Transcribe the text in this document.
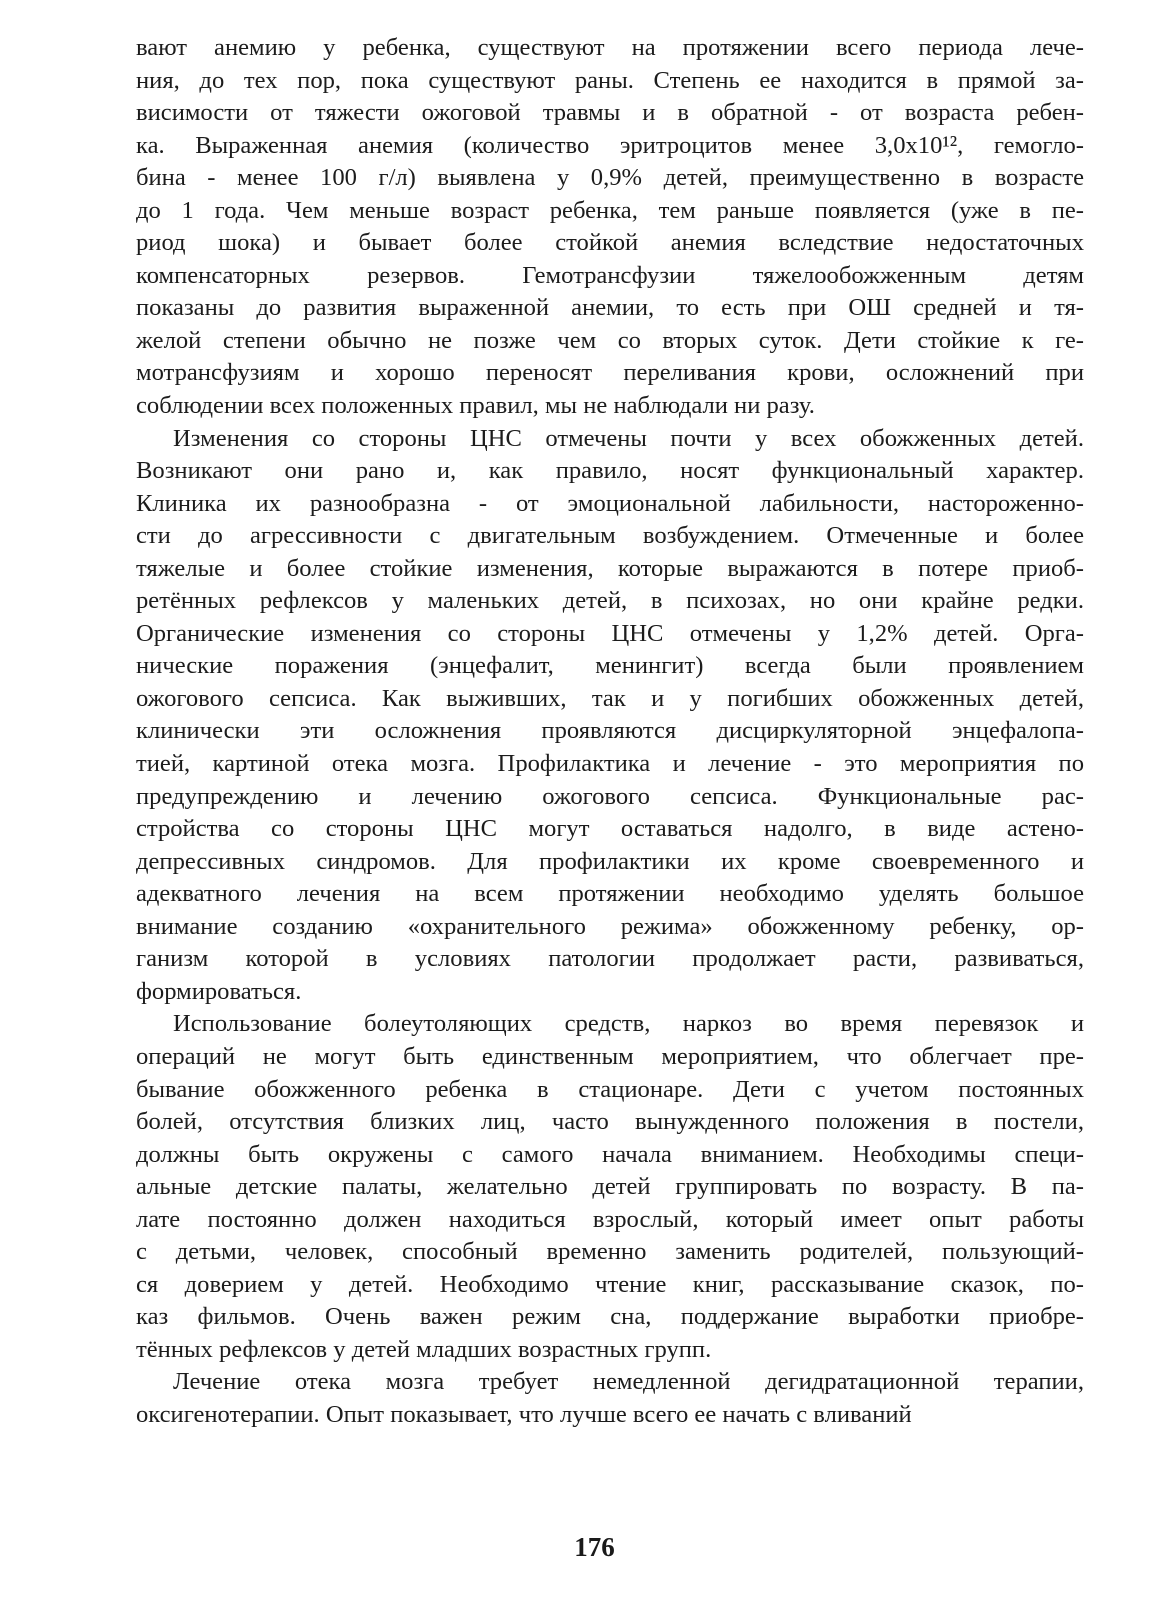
вают анемию у ребенка, существуют на протяжении всего периода лече-
ния, до тех пор, пока существуют раны. Степень ее находится в прямой за-
висимости от тяжести ожоговой травмы и в обратной - от возраста ребен-
ка. Выраженная анемия (количество эритроцитов менее 3,0х10¹², гемогло-
бина - менее 100 г/л) выявлена у 0,9% детей, преимущественно в возрасте
до 1 года. Чем меньше возраст ребенка, тем раньше появляется (уже в пе-
риод шока) и бывает более стойкой анемия вследствие недостаточных
компенсаторных резервов. Гемотрансфузии тяжелообожженным детям
показаны до развития выраженной анемии, то есть при ОШ средней и тя-
желой степени обычно не позже чем со вторых суток. Дети стойкие к ге-
мотрансфузиям и хорошо переносят переливания крови, осложнений при
соблюдении всех положенных правил, мы не наблюдали ни разу.
Изменения со стороны ЦНС отмечены почти у всех обожженных детей.
Возникают они рано и, как правило, носят функциональный характер.
Клиника их разнообразна - от эмоциональной лабильности, настороженно-
сти до агрессивности с двигательным возбуждением. Отмеченные и более
тяжелые и более стойкие изменения, которые выражаются в потере приоб-
ретённых рефлексов у маленьких детей, в психозах, но они крайне редки.
Органические изменения со стороны ЦНС отмечены у 1,2% детей. Орга-
нические поражения (энцефалит, менингит) всегда были проявлением
ожогового сепсиса. Как выживших, так и у погибших обожженных детей,
клинически эти осложнения проявляются дисциркуляторной энцефалопа-
тией, картиной отека мозга. Профилактика и лечение - это мероприятия по
предупреждению и лечению ожогового сепсиса. Функциональные рас-
стройства со стороны ЦНС могут оставаться надолго, в виде астено-
депрессивных синдромов. Для профилактики их кроме своевременного и
адекватного лечения на всем протяжении необходимо уделять большое
внимание созданию «охранительного режима» обожженному ребенку, ор-
ганизм которой в условиях патологии продолжает расти, развиваться,
формироваться.
Использование болеутоляющих средств, наркоз во время перевязок и
операций не могут быть единственным мероприятием, что облегчает пре-
бывание обожженного ребенка в стационаре. Дети с учетом постоянных
болей, отсутствия близких лиц, часто вынужденного положения в постели,
должны быть окружены с самого начала вниманием. Необходимы специ-
альные детские палаты, желательно детей группировать по возрасту. В па-
лате постоянно должен находиться взрослый, который имеет опыт работы
с детьми, человек, способный временно заменить родителей, пользующий-
ся доверием у детей. Необходимо чтение книг, рассказывание сказок, по-
каз фильмов. Очень важен режим сна, поддержание выработки приобре-
тённых рефлексов у детей младших возрастных групп.
Лечение отека мозга требует немедленной дегидратационной терапии,
оксигенотерапии. Опыт показывает, что лучше всего ее начать с вливаний
176
